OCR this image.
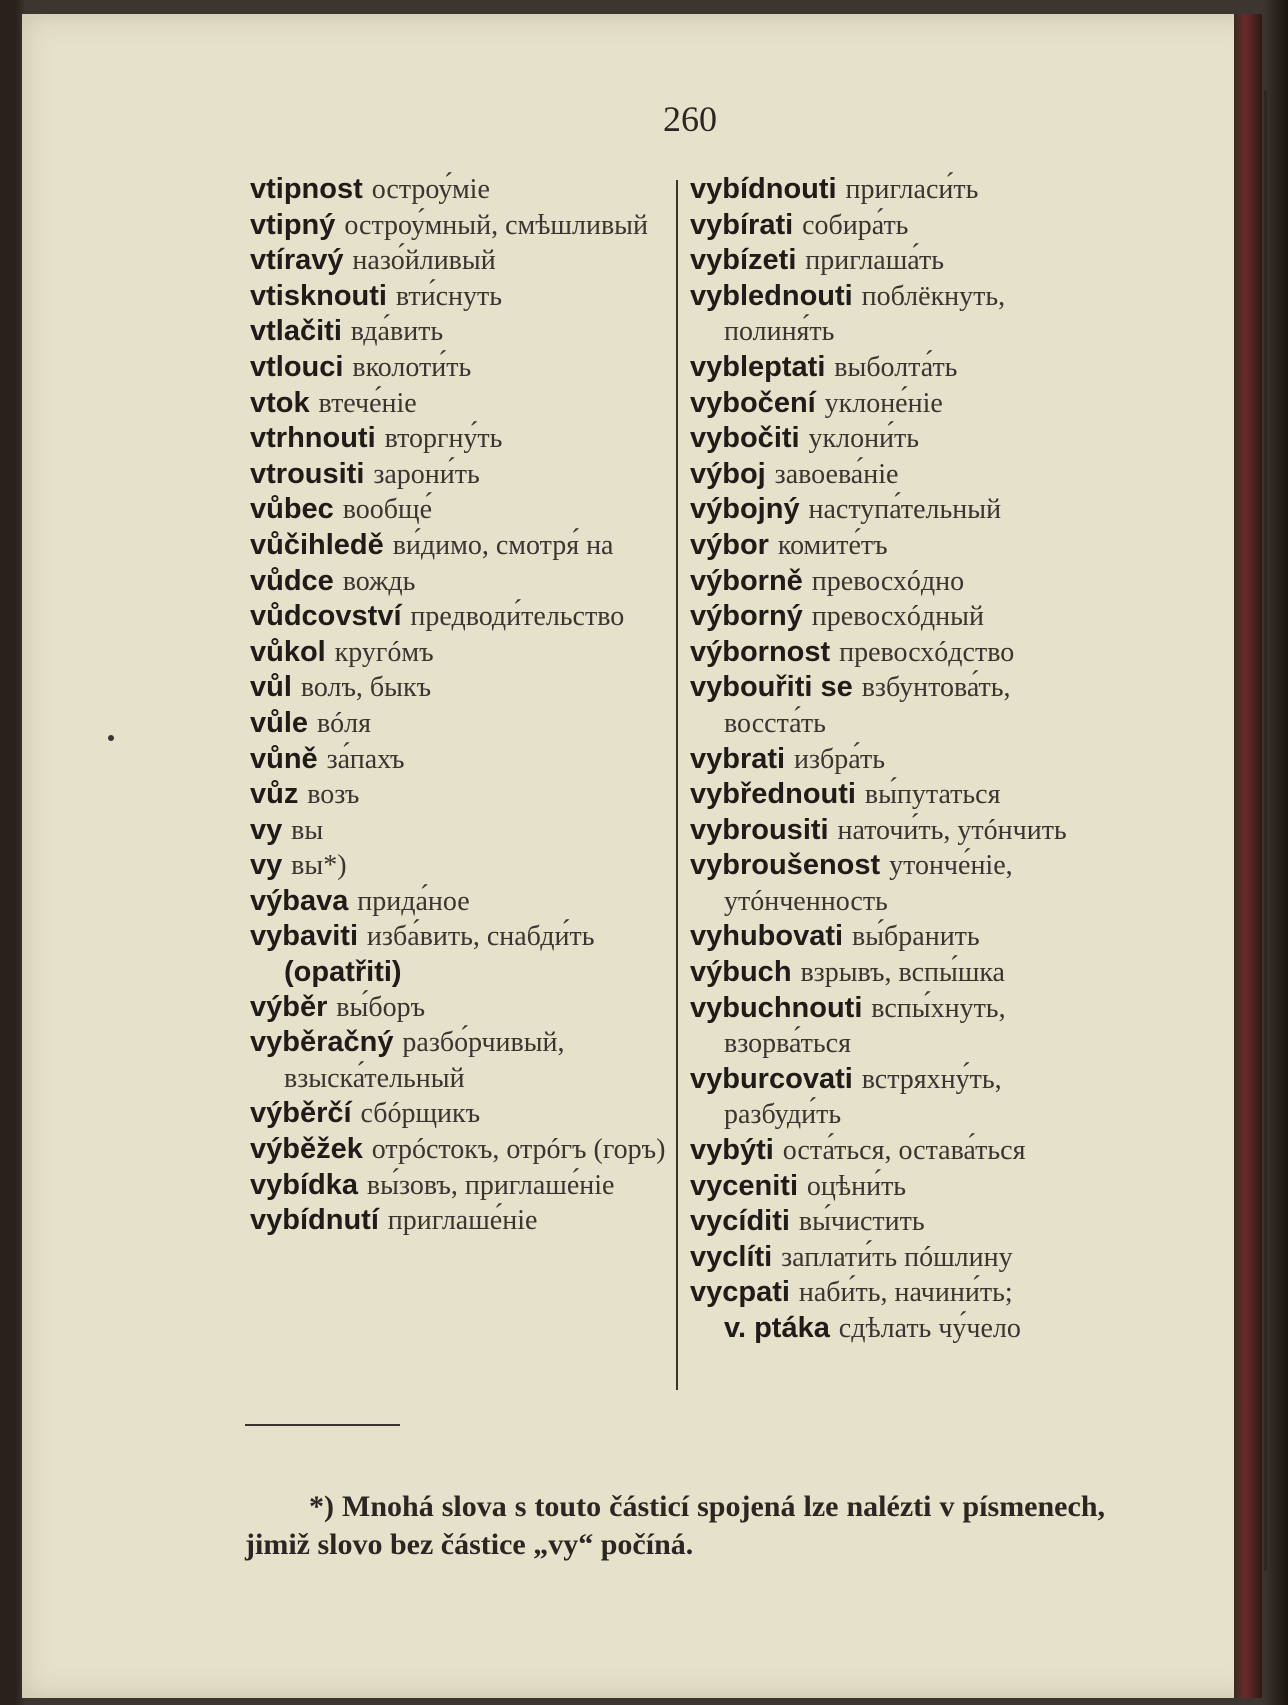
260

vtipnost остроу́міе

vtipný остроу́мный, смѣшливый

vtíravý назо́йливый

vtisknouti вти́снуть

vtlačiti вда́вить

vtlouci вколоти́ть

vtok втече́ніе

vtrhnouti вторгну́ть

vtrousiti зарони́ть

vůbec вообще́

vůčihledě ви́димо, смотря́ на

vůdce вождь

vůdcovství предводи́тельство

vůkol кругóмъ

vůl волъ, быкъ

vůle вóля

vůně за́пахъ

vůz возъ

vy вы

vy вы*)

výbava прида́ное

vybaviti изба́вить, снабди́ть (opatřiti)

výběr вы́боръ

vyběračný разбо́рчивый, взыска́тельный

výběrčí сбóрщикъ

výběžek отрóстокъ, отрóгъ (горъ)

vybídka вы́зовъ, приглаше́ніе

vybídnutí приглаше́ніе

vybídnouti пригласи́ть

vybírati собира́ть

vybízeti приглаша́ть

vyblednouti поблёкнуть, полиня́ть

vybleptati выболта́ть

vybočení уклоне́ніе

vybočiti уклони́ть

výboj завоева́ніе

výbojný наступа́тельный

výbor комите́тъ

výborně превосхóдно

výborný превосхóдный

výbornost превосхóдство

vybouřiti se взбунтова́ть, восста́ть

vybrati избра́ть

vybřednouti вы́путаться

vybrousiti наточи́ть, утóнчить

vybroušenost утонче́ніе, утóнченность

vyhubovati вы́бранить

výbuch взрывъ, вспы́шка

vybuchnouti вспы́хнуть, взорва́ться

vyburcovati встряхну́ть, разбуди́ть

vybýti оста́ться, остава́ться

vyceniti оцѣни́ть

vycíditi вы́чистить

vyclíti заплати́ть пóшлину

vycpati наби́ть, начини́ть;

v. ptáka сдѣлать чу́чело

*) Mnohá slova s touto částicí spojená lze nalézti v písmenech, jimiž slovo bez částice „vy“ počíná.
